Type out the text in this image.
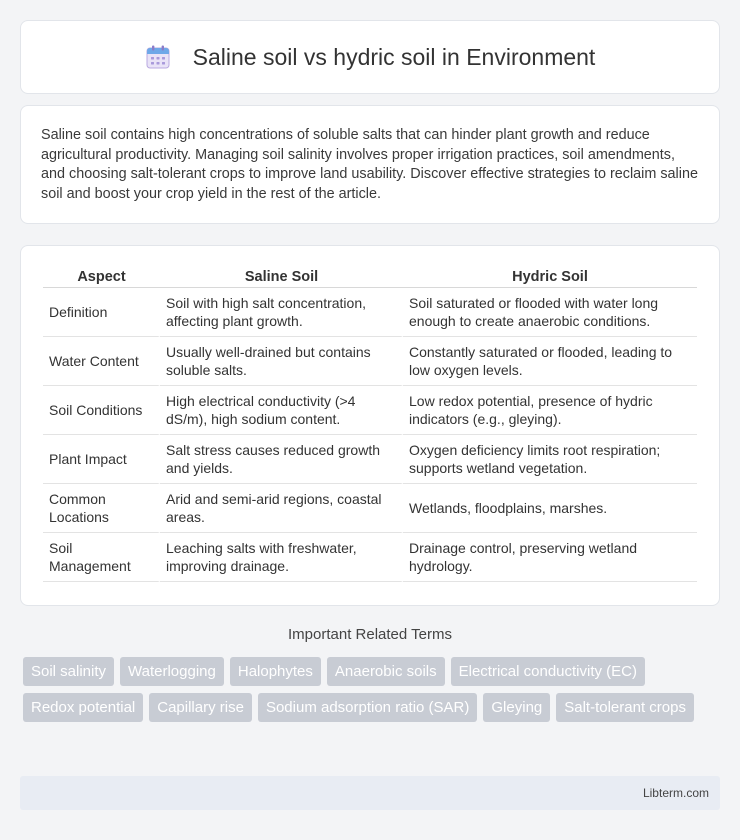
Saline soil vs hydric soil in Environment

Saline soil contains high concentrations of soluble salts that can hinder plant growth and reduce agricultural productivity. Managing soil salinity involves proper irrigation practices, soil amendments, and choosing salt-tolerant crops to improve land usability. Discover effective strategies to reclaim saline soil and boost your crop yield in the rest of the article.

Aspect	Saline Soil	Hydric Soil
Definition	Soil with high salt concentration, affecting plant growth.	Soil saturated or flooded with water long enough to create anaerobic conditions.
Water Content	Usually well-drained but contains soluble salts.	Constantly saturated or flooded, leading to low oxygen levels.
Soil Conditions	High electrical conductivity (>4 dS/m), high sodium content.	Low redox potential, presence of hydric indicators (e.g., gleying).
Plant Impact	Salt stress causes reduced growth and yields.	Oxygen deficiency limits root respiration; supports wetland vegetation.
Common Locations	Arid and semi-arid regions, coastal areas.	Wetlands, floodplains, marshes.
Soil Management	Leaching salts with freshwater, improving drainage.	Drainage control, preserving wetland hydrology.
Important Related Terms
Soil salinity	Waterlogging	Halophytes	Anaerobic soils	Electrical conductivity (EC)
Redox potential	Capillary rise	Sodium adsorption ratio (SAR)	Gleying	Salt-tolerant crops
Libterm.com
